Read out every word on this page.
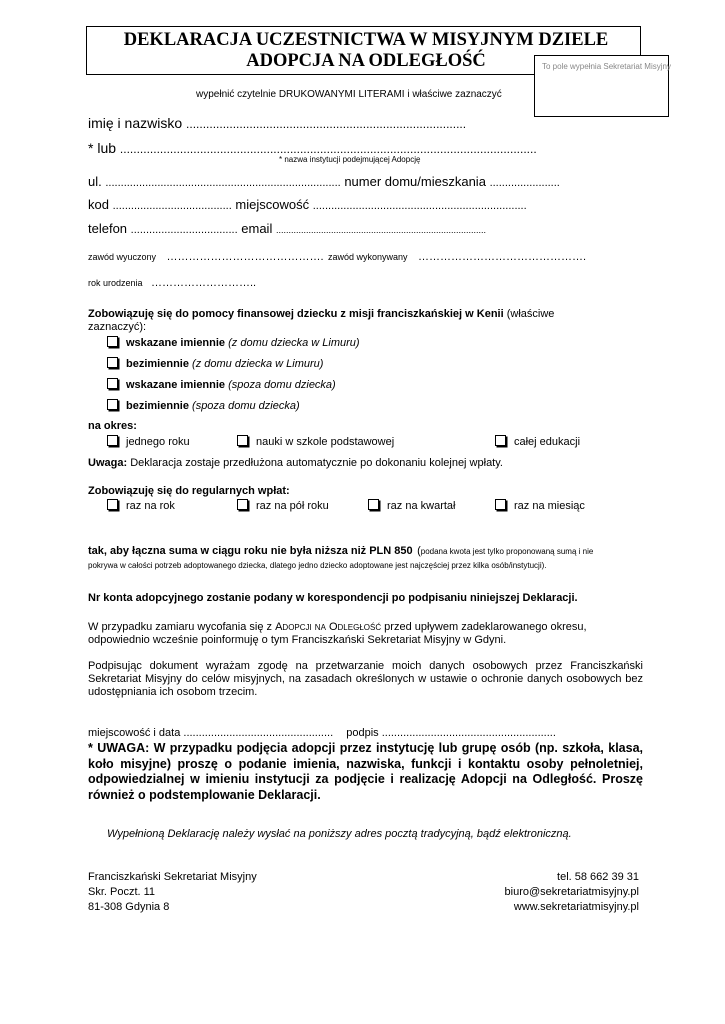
DEKLARACJA UCZESTNICTWA W MISYJNYM DZIELE
ADOPCJA NA ODLEGŁOŚĆ	To pole wypełnia Sekretariat Misyjny
wypełnić czytelnie DRUKOWANYMI LITERAMI i właściwe zaznaczyć
imię i nazwisko ....................................................................................
* lub .............................................................................................................................
* nazwa instytucji podejmującej Adopcję
ul. ............................................................................. numer domu/mieszkania .......................
kod ....................................... miejscowość ......................................................................
telefon ................................... email ....................................................................................
zawód wyuczony ……………………………………. zawód wykonywany ……………………………………….
rok urodzenia ………………………..
Zobowiązuję się do pomocy finansowej dziecku z misji franciszkańskiej w Kenii (właściwe
zaznaczyć):
wskazane imiennie (z domu dziecka w Limuru)
bezimiennie (z domu dziecka w Limuru)
wskazane imiennie (spoza domu dziecka)
bezimiennie (spoza domu dziecka)
na okres:
jednego roku	nauki w szkole podstawowej	całej edukacji
Uwaga: Deklaracja zostaje przedłużona automatycznie po dokonaniu kolejnej wpłaty.
Zobowiązuję się do regularnych wpłat:
raz na rok	raz na pół roku	raz na kwartał	raz na miesiąc
tak, aby łączna suma w ciągu roku nie była niższa niż PLN 850 (podana kwota jest tylko proponowaną sumą i nie
pokrywa w całości potrzeb adoptowanego dziecka, dlatego jedno dziecko adoptowane jest najczęściej przez kilka osób/instytucji).
Nr konta adopcyjnego zostanie podany w korespondencji po podpisaniu niniejszej Deklaracji.
W przypadku zamiaru wycofania się z Adopcji na Odległość przed upływem zadeklarowanego okresu,
odpowiednio wcześnie poinformuję o tym Franciszkański Sekretariat Misyjny w Gdyni.
Podpisując dokument wyrażam zgodę na przetwarzanie moich danych osobowych przez Franciszkański Sekretariat Misyjny do celów misyjnych, na zasadach określonych w ustawie o ochronie danych osobowych bez udostępniania ich osobom trzecim.
miejscowość i data ................................................. podpis .........................................................
* UWAGA: W przypadku podjęcia adopcji przez instytucję lub grupę osób (np. szkoła, klasa, koło misyjne) proszę o podanie imienia, nazwiska, funkcji i kontaktu osoby pełnoletniej, odpowiedzialnej w imieniu instytucji za podjęcie i realizację Adopcji na Odległość. Proszę również o podstemplowanie Deklaracji.
Wypełnioną Deklarację należy wysłać na poniższy adres pocztą tradycyjną, bądź elektroniczną.
Franciszkański Sekretariat Misyjny
Skr. Poczt. 11
81-308 Gdynia 8
tel. 58 662 39 31
biuro@sekretariatmisyjny.pl
www.sekretariatmisyjny.pl
